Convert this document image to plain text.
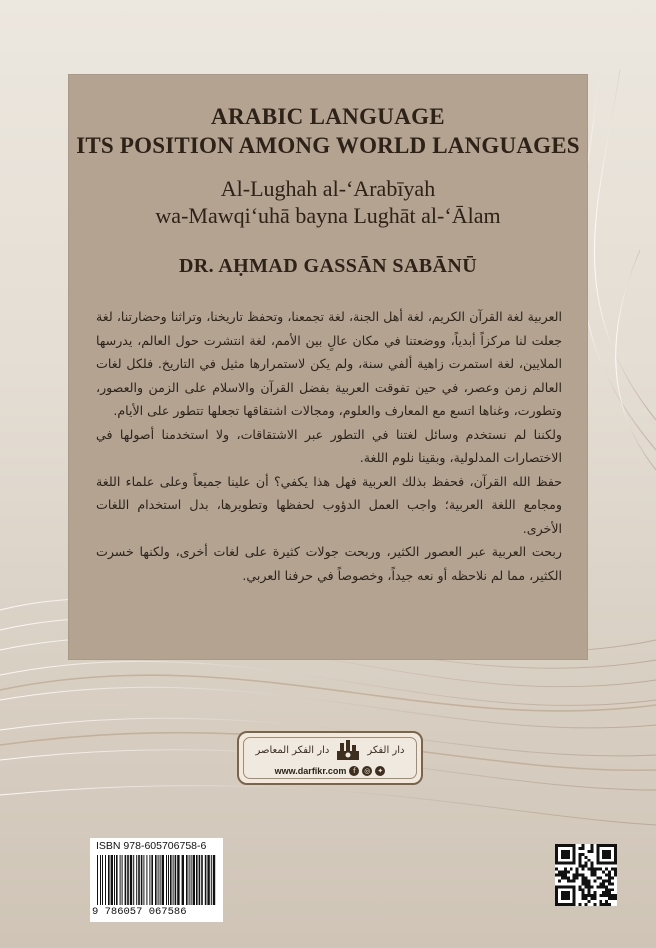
ARABIC LANGUAGE
ITS POSITION AMONG WORLD LANGUAGES
Al-Lughah al-‘Arabīyah
wa-Mawqi‘uhā bayna Lughāt al-‘Ālam
DR. AḤMAD GASSĀN SABĀNŪ

العربية لغة القرآن الكريم، لغة أهل الجنة، لغة تجمعنا، وتحفظ تاريخنا، وتراثنا وحضارتنا، لغة جعلت لنا مركزاً أبدياً، ووضعتنا في مكان عالٍ بين الأمم، لغة انتشرت حول العالم، يدرسها الملايين، لغة استمرت زاهية ألفي سنة، ولم يكن لاستمرارها مثيل في التاريخ. فلكل لغات العالم زمن وعصر، في حين تفوقت العربية بفضل القرآن والاسلام على الزمن والعصور، وتطورت، وغناها اتسع مع المعارف والعلوم، ومجالات اشتقاقها تجعلها تتطور على الأيام.

ولكننا لم نستخدم وسائل لغتنا في التطور عبر الاشتقاقات، ولا استخدمنا أصولها في الاختصارات المدلولية، وبقينا نلوم اللغة.

حفظ الله القرآن، فحفظ بذلك العربية فهل هذا يكفي؟ أن علينا جميعاً وعلى علماء اللغة ومجامع اللغة العربية؛ واجب العمل الدؤوب لحفظها وتطويرها، بدل استخدام اللغات الأخرى.

ربحت العربية عبر العصور الكثير، وربحت جولات كثيرة على لغات أخرى، ولكنها خسرت الكثير، مما لم نلاحظه أو نعه جيداً، وخصوصاً في حرفنا العربي.

دار الفكر المعاصر	دار الفكر
www.darfikr.com f	◎ ✦
ISBN 978-605706758-6
9 786057 067586
